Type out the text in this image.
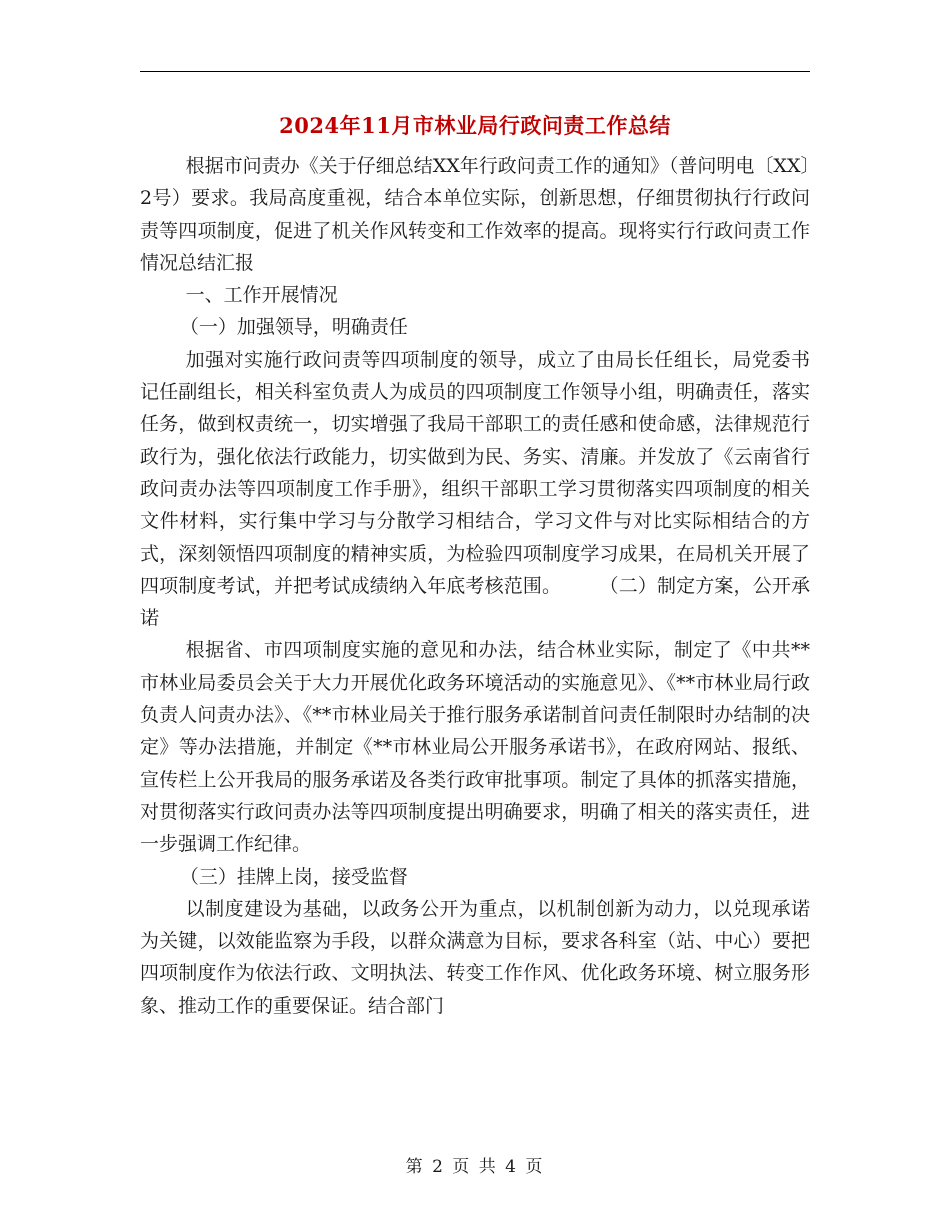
2024年11月市林业局行政问责工作总结

根据市问责办《关于仔细总结XX年行政问责工作的通知》（普问明电〔XX〕2号）要求。我局高度重视，结合本单位实际，创新思想，仔细贯彻执行行政问责等四项制度，促进了机关作风转变和工作效率的提高。现将实行行政问责工作情况总结汇报

一、工作开展情况

（一）加强领导，明确责任

加强对实施行政问责等四项制度的领导，成立了由局长任组长，局党委书记任副组长，相关科室负责人为成员的四项制度工作领导小组，明确责任，落实任务，做到权责统一，切实增强了我局干部职工的责任感和使命感，法律规范行政行为，强化依法行政能力，切实做到为民、务实、清廉。并发放了《云南省行政问责办法等四项制度工作手册》，组织干部职工学习贯彻落实四项制度的相关文件材料，实行集中学习与分散学习相结合，学习文件与对比实际相结合的方式，深刻领悟四项制度的精神实质，为检验四项制度学习成果，在局机关开展了四项制度考试，并把考试成绩纳入年底考核范围。　　　（二）制定方案，公开承诺

根据省、市四项制度实施的意见和办法，结合林业实际，制定了《中共**市林业局委员会关于大力开展优化政务环境活动的实施意见》、《**市林业局行政负责人问责办法》、《**市林业局关于推行服务承诺制首问责任制限时办结制的决定》等办法措施，并制定《**市林业局公开服务承诺书》，在政府网站、报纸、宣传栏上公开我局的服务承诺及各类行政审批事项。制定了具体的抓落实措施，对贯彻落实行政问责办法等四项制度提出明确要求，明确了相关的落实责任，进一步强调工作纪律。

（三）挂牌上岗，接受监督

以制度建设为基础，以政务公开为重点，以机制创新为动力，以兑现承诺为关键，以效能监察为手段，以群众满意为目标，要求各科室（站、中心）要把四项制度作为依法行政、文明执法、转变工作作风、优化政务环境、树立服务形象、推动工作的重要保证。结合部门

第 2 页 共 4 页
